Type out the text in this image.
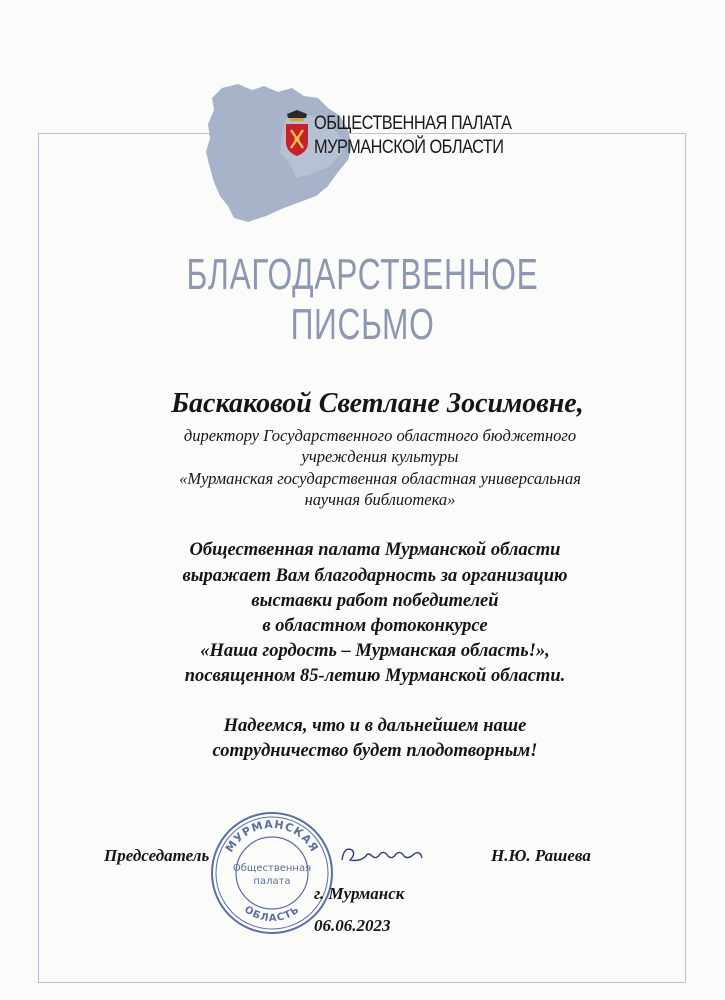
ОБЩЕСТВЕННАЯ ПАЛАТА
МУРМАНСКОЙ ОБЛАСТИ
БЛАГОДАРСТВЕННОЕ
ПИСЬМО
Баскаковой Светлане Зосимовне,
директору Государственного областного бюджетного
учреждения культуры
«Мурманская государственная областная универсальная
научная библиотека»
Общественная палата Мурманской области
выражает Вам благодарность за организацию
выставки работ победителей
в областном фотоконкурсе
«Наша гордость – Мурманская область!»,
посвященном 85-летию Мурманской области.
Надеемся, что и в дальнейшем наше
сотрудничество будет плодотворным!
МУРМАНСКАЯ
ОБЛАСТЬ
Общественная
палата
Председатель	Н.Ю. Рашева
г. Мурманск
06.06.2023
